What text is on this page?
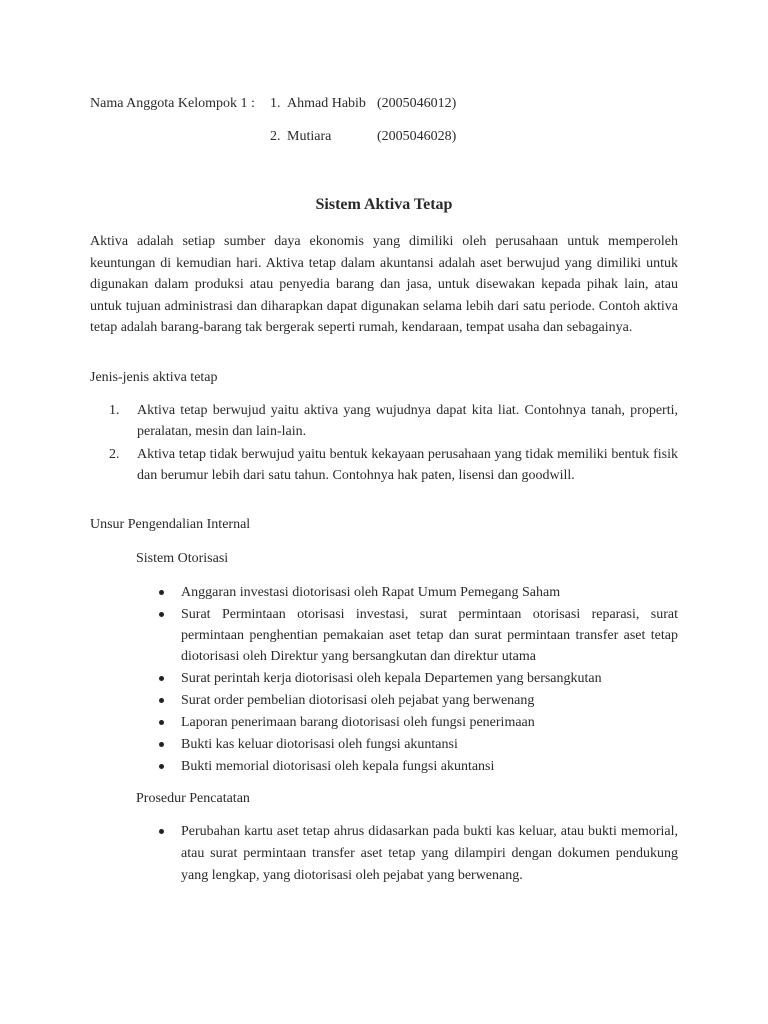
Nama Anggota Kelompok 1 : 1. Ahmad Habib (2005046012)
2. Mutiara	(2005046028)
Sistem Aktiva Tetap
Aktiva adalah setiap sumber daya ekonomis yang dimiliki oleh perusahaan untuk memperoleh keuntungan di kemudian hari. Aktiva tetap dalam akuntansi adalah aset berwujud yang dimiliki untuk digunakan dalam produksi atau penyedia barang dan jasa, untuk disewakan kepada pihak lain, atau untuk tujuan administrasi dan diharapkan dapat digunakan selama lebih dari satu periode. Contoh aktiva tetap adalah barang-barang tak bergerak seperti rumah, kendaraan, tempat usaha dan sebagainya.
Jenis-jenis aktiva tetap
1. Aktiva tetap berwujud yaitu aktiva yang wujudnya dapat kita liat. Contohnya tanah, properti, peralatan, mesin dan lain-lain.
2. Aktiva tetap tidak berwujud yaitu bentuk kekayaan perusahaan yang tidak memiliki bentuk fisik dan berumur lebih dari satu tahun. Contohnya hak paten, lisensi dan goodwill.
Unsur Pengendalian Internal
Sistem Otorisasi
Anggaran investasi diotorisasi oleh Rapat Umum Pemegang Saham
Surat Permintaan otorisasi investasi, surat permintaan otorisasi reparasi, surat permintaan penghentian pemakaian aset tetap dan surat permintaan transfer aset tetap diotorisasi oleh Direktur yang bersangkutan dan direktur utama
Surat perintah kerja diotorisasi oleh kepala Departemen yang bersangkutan
Surat order pembelian diotorisasi oleh pejabat yang berwenang
Laporan penerimaan barang diotorisasi oleh fungsi penerimaan
Bukti kas keluar diotorisasi oleh fungsi akuntansi
Bukti memorial diotorisasi oleh kepala fungsi akuntansi
Prosedur Pencatatan
Perubahan kartu aset tetap ahrus didasarkan pada bukti kas keluar, atau bukti memorial, atau surat permintaan transfer aset tetap yang dilampiri dengan dokumen pendukung yang lengkap, yang diotorisasi oleh pejabat yang berwenang.
